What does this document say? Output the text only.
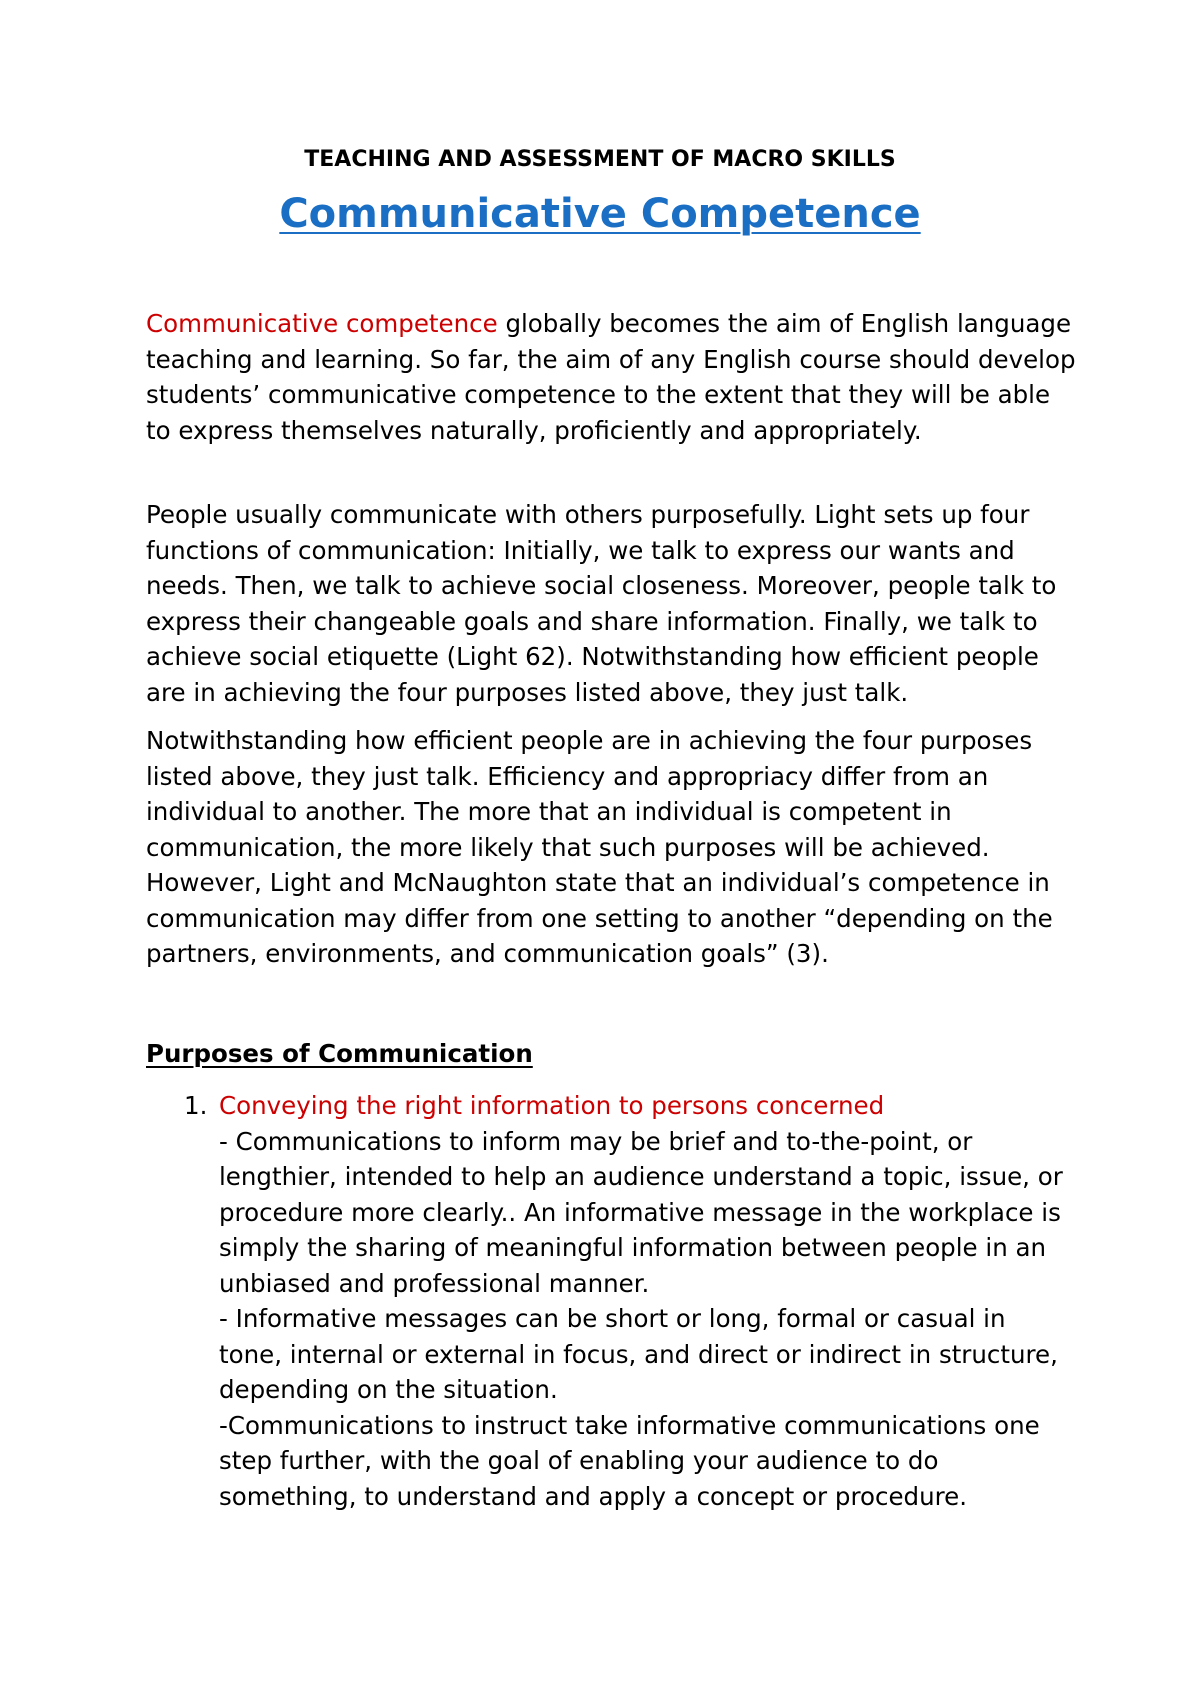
TEACHING AND ASSESSMENT OF MACRO SKILLS
Communicative Competence

Communicative competence globally becomes the aim of English language teaching and learning. So far, the aim of any English course should develop students’ communicative competence to the extent that they will be able to express themselves naturally, proficiently and appropriately.

People usually communicate with others purposefully. Light sets up four functions of communication: Initially, we talk to express our wants and needs. Then, we talk to achieve social closeness. Moreover, people talk to express their changeable goals and share information. Finally, we talk to achieve social etiquette (Light 62). Notwithstanding how efficient people are in achieving the four purposes listed above, they just talk.

Notwithstanding how efficient people are in achieving the four purposes listed above, they just talk. Efficiency and appropriacy differ from an individual to another. The more that an individual is competent in communication, the more likely that such purposes will be achieved. However, Light and McNaughton state that an individual’s competence in communication may differ from one setting to another “depending on the partners, environments, and communication goals” (3).

Purposes of Communication
1. Conveying the right information to persons concerned
- Communications to inform may be brief and to-the-point, or lengthier, intended to help an audience understand a topic, issue, or procedure more clearly.. An informative message in the workplace is simply the sharing of meaningful information between people in an unbiased and professional manner.
- Informative messages can be short or long, formal or casual in tone, internal or external in focus, and direct or indirect in structure, depending on the situation.
-Communications to instruct take informative communications one step further, with the goal of enabling your audience to do something, to understand and apply a concept or procedure.
